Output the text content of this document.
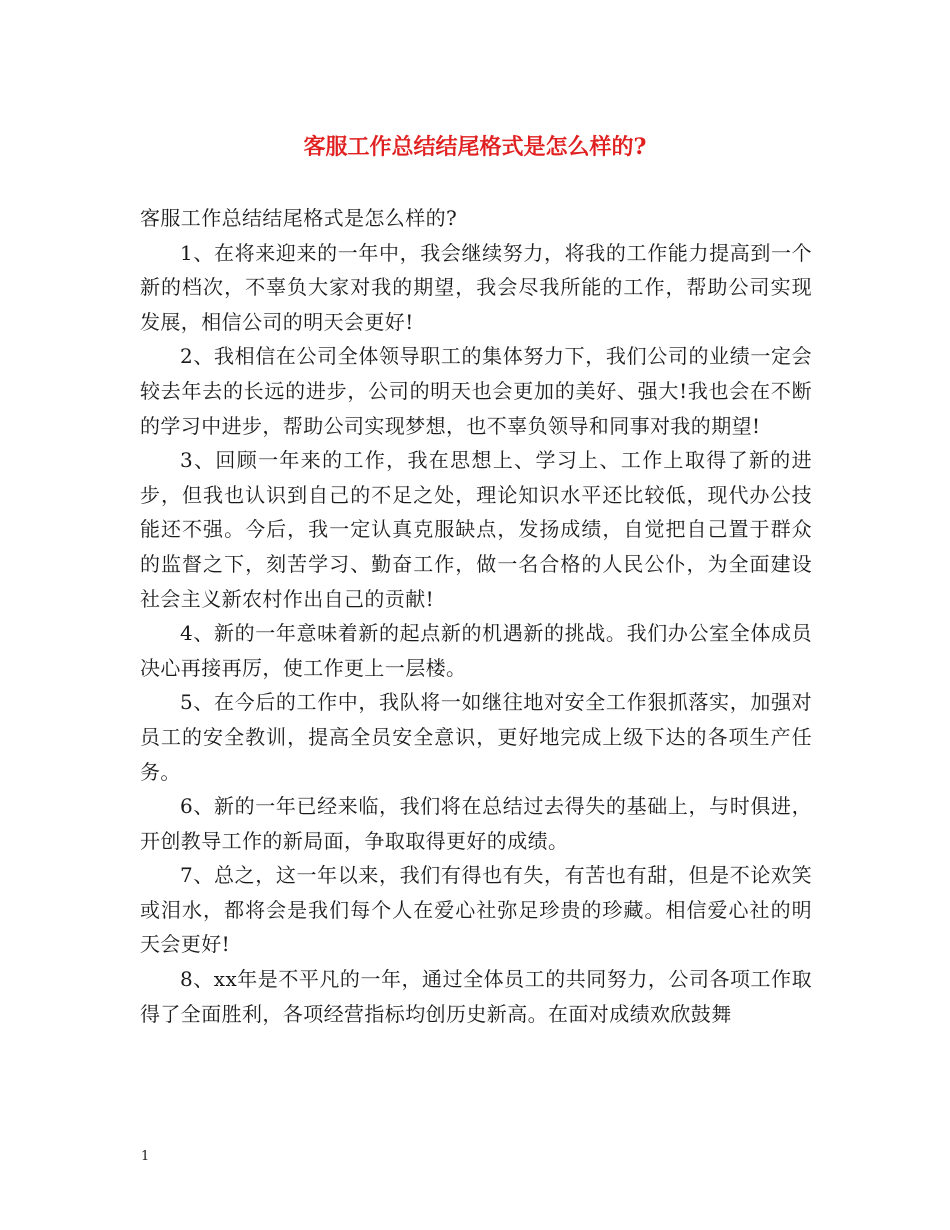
客服工作总结结尾格式是怎么样的?

客服工作总结结尾格式是怎么样的?

1、在将来迎来的一年中，我会继续努力，将我的工作能力提高到一个新的档次，不辜负大家对我的期望，我会尽我所能的工作，帮助公司实现发展，相信公司的明天会更好!

2、我相信在公司全体领导职工的集体努力下，我们公司的业绩一定会较去年去的长远的进步，公司的明天也会更加的美好、强大!我也会在不断的学习中进步，帮助公司实现梦想，也不辜负领导和同事对我的期望!

3、回顾一年来的工作，我在思想上、学习上、工作上取得了新的进步，但我也认识到自己的不足之处，理论知识水平还比较低，现代办公技能还不强。今后，我一定认真克服缺点，发扬成绩，自觉把自己置于群众的监督之下，刻苦学习、勤奋工作，做一名合格的人民公仆，为全面建设社会主义新农村作出自己的贡献!

4、新的一年意味着新的起点新的机遇新的挑战。我们办公室全体成员决心再接再厉，使工作更上一层楼。

5、在今后的工作中，我队将一如继往地对安全工作狠抓落实，加强对员工的安全教训，提高全员安全意识，更好地完成上级下达的各项生产任务。

6、新的一年已经来临，我们将在总结过去得失的基础上，与时俱进，开创教导工作的新局面，争取取得更好的成绩。

7、总之，这一年以来，我们有得也有失，有苦也有甜，但是不论欢笑或泪水，都将会是我们每个人在爱心社弥足珍贵的珍藏。相信爱心社的明天会更好!

8、xx年是不平凡的一年，通过全体员工的共同努力，公司各项工作取得了全面胜利，各项经营指标均创历史新高。在面对成绩欢欣鼓舞

1
